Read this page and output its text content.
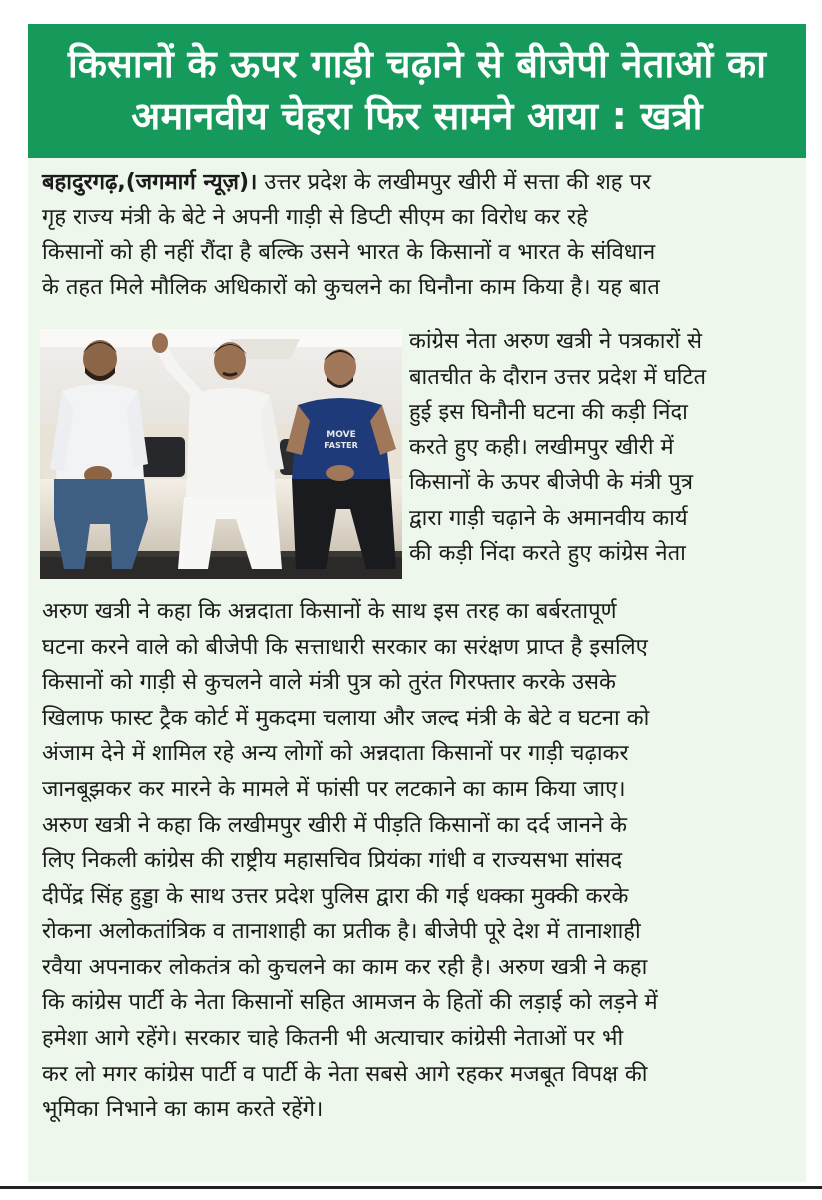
किसानों के ऊपर गाड़ी चढ़ाने से बीजेपी नेताओं का
अमानवीय चेहरा फिर सामने आया : खत्री
बहादुरगढ़,(जगमार्ग न्यूज़)। उत्तर प्रदेश के लखीमपुर खीरी में सत्ता की शह पर
गृह राज्य मंत्री के बेटे ने अपनी गाड़ी से डिप्टी सीएम का विरोध कर रहे
किसानों को ही नहीं रौंदा है बल्कि उसने भारत के किसानों व भारत के संविधान
के तहत मिले मौलिक अधिकारों को कुचलने का घिनौना काम किया है। यह बात
कांग्रेस नेता अरुण खत्री ने पत्रकारों से
बातचीत के दौरान उत्तर प्रदेश में घटित
हुई इस घिनौनी घटना की कड़ी निंदा
करते हुए कही। लखीमपुर खीरी में
किसानों के ऊपर बीजेपी के मंत्री पुत्र
द्वारा गाड़ी चढ़ाने के अमानवीय कार्य
की कड़ी निंदा करते हुए कांग्रेस नेता
अरुण खत्री ने कहा कि अन्नदाता किसानों के साथ इस तरह का बर्बरतापूर्ण
घटना करने वाले को बीजेपी कि सत्ताधारी सरकार का सरंक्षण प्राप्त है इसलिए
किसानों को गाड़ी से कुचलने वाले मंत्री पुत्र को तुरंत गिरफ्तार करके उसके
खिलाफ फास्ट ट्रैक कोर्ट में मुकदमा चलाया और जल्द मंत्री के बेटे व घटना को
अंजाम देने में शामिल रहे अन्य लोगों को अन्नदाता किसानों पर गाड़ी चढ़ाकर
जानबूझकर कर मारने के मामले में फांसी पर लटकाने का काम किया जाए।
अरुण खत्री ने कहा कि लखीमपुर खीरी में पीड़ति किसानों का दर्द जानने के
लिए निकली कांग्रेस की राष्ट्रीय महासचिव प्रियंका गांधी व राज्यसभा सांसद
दीपेंद्र सिंह हुड्डा के साथ उत्तर प्रदेश पुलिस द्वारा की गई धक्का मुक्की करके
रोकना अलोकतांत्रिक व तानाशाही का प्रतीक है। बीजेपी पूरे देश में तानाशाही
रवैया अपनाकर लोकतंत्र को कुचलने का काम कर रही है। अरुण खत्री ने कहा
कि कांग्रेस पार्टी के नेता किसानों सहित आमजन के हितों की लड़ाई को लड़ने में
हमेशा आगे रहेंगे। सरकार चाहे कितनी भी अत्याचार कांग्रेसी नेताओं पर भी
कर लो मगर कांग्रेस पार्टी व पार्टी के नेता सबसे आगे रहकर मजबूत विपक्ष की
भूमिका निभाने का काम करते रहेंगे।
MOVE
FASTER
